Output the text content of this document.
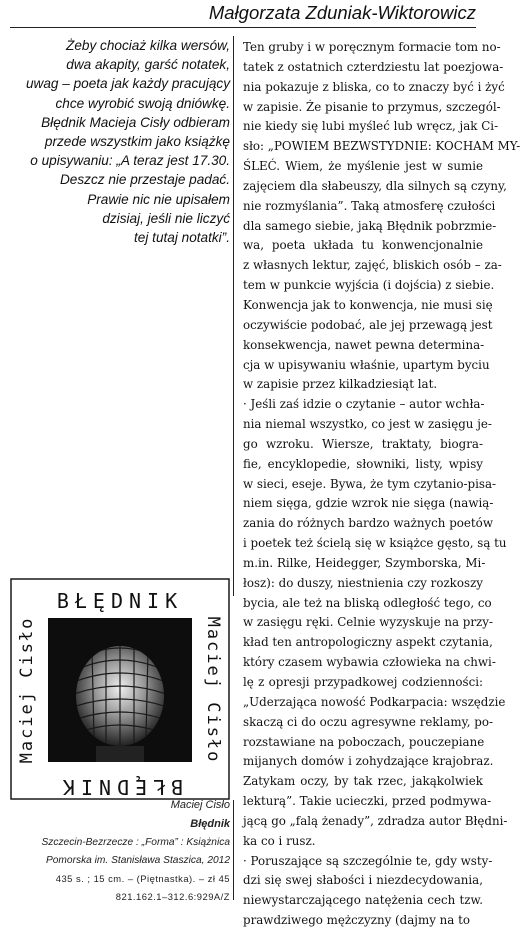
Małgorzata Zduniak-Wiktorowicz
Żeby chociaż kilka wersów,
dwa akapity, garść notatek,
uwag – poeta jak każdy pracujący
chce wyrobić swoją dniówkę.
Błędnik Macieja Cisły odbieram
przede wszystkim jako książkę
o upisywaniu: „A teraz jest 17.30.
Deszcz nie przestaje padać.
Prawie nic nie upisałem
dzisiaj, jeśli nie liczyć
tej tutaj notatki”.
Ten gruby i w poręcznym formacie tom no-
tatek z ostatnich czterdziestu lat poezjowa-
nia pokazuje z bliska, co to znaczy być i żyć
w zapisie. Że pisanie to przymus, szczegól-
nie kiedy się lubi myśleć lub wręcz, jak Ci-
sło: „POWIEM BEZWSTYDNIE: KOCHAM MY-
ŚLEĆ. Wiem, że myślenie jest w sumie
zajęciem dla słabeuszy, dla silnych są czyny,
nie rozmyślania”. Taką atmosferę czułości
dla samego siebie, jaką Błędnik pobrzmie-
wa, poeta układa tu konwencjonalnie
z własnych lektur, zajęć, bliskich osób – za-
tem w punkcie wyjścia (i dojścia) z siebie.
Konwencja jak to konwencja, nie musi się
oczywiście podobać, ale jej przewagą jest
konsekwencja, nawet pewna determina-
cja w upisywaniu właśnie, upartym byciu
w zapisie przez kilkadziesiąt lat.
· Jeśli zaś idzie o czytanie – autor wchła-
nia niemal wszystko, co jest w zasięgu je-
go wzroku. Wiersze, traktaty, biogra-
fie, encyklopedie, słowniki, listy, wpisy
w sieci, eseje. Bywa, że tym czytanio-pisa-
niem sięga, gdzie wzrok nie sięga (nawią-
zania do różnych bardzo ważnych poetów
i poetek też ścielą się w książce gęsto, są tu
m.in. Rilke, Heidegger, Szymborska, Mi-
łosz): do duszy, niestnienia czy rozkoszy
bycia, ale też na bliską odległość tego, co
w zasięgu ręki. Celnie wyzyskuje na przy-
kład ten antropologiczny aspekt czytania,
który czasem wybawia człowieka na chwi-
lę z opresji przypadkowej codzienności:
„Uderzająca nowość Podkarpacia: wszędzie
skaczą ci do oczu agresywne reklamy, po-
rozstawiane na poboczach, pouczepiane
mijanych domów i zohydzające krajobraz.
Zatykam oczy, by tak rzec, jakąkolwiek
lekturą”. Takie ucieczki, przed podmywa-
jącą go „falą żenady”, zdradza autor Błędni-
ka co i rusz.
· Poruszające są szczególnie te, gdy wsty-
dzi się swej słabości i niezdecydowania,
niewystarczającego natężenia cech tzw.
prawdziwego mężczyzny (dajmy na to
BŁĘDNIK
BŁĘDNIK
Maciej Cisło	Maciej Cisło
Maciej Cisło
Błędnik
Szczecin-Bezrzecze : „Forma” : Książnica
Pomorska im. Stanisława Staszica, 2012
435 s. ; 15 cm. – (Piętnastka). – zł 45
821.162.1–312.6:929A/Z
